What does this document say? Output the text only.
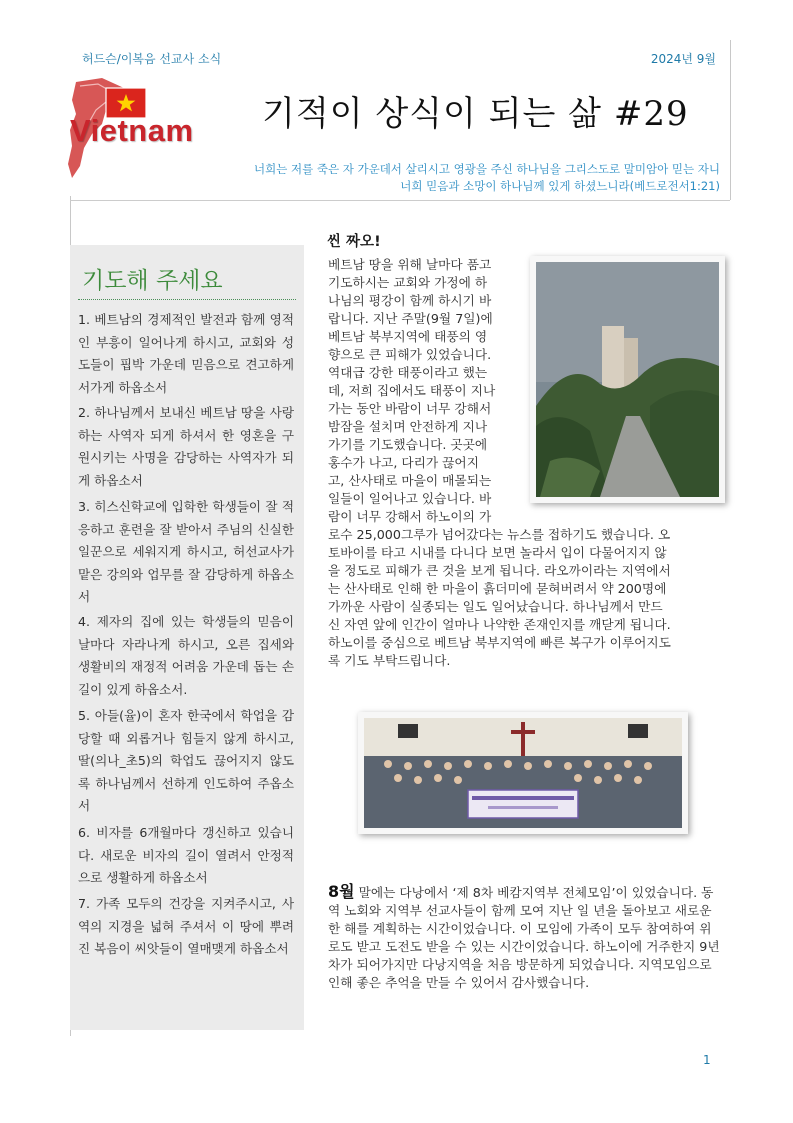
허드슨/이복음 선교사 소식	2024년 9월
Vietnam 기적이 상식이 되는 삶 #29
너희는 저를 죽은 자 가운데서 살리시고 영광을 주신 하나님을 그리스도로 말미암아 믿는 자니
너희 믿음과 소망이 하나님께 있게 하셨느니라(베드로전서1:21)
기도해 주세요
1. 베트남의 경제적인 발전과 함께 영적인 부흥이 일어나게 하시고, 교회와 성도들이 핍박 가운데 믿음으로 견고하게 서가게 하옵소서
2. 하나님께서 보내신 베트남 땅을 사랑하는 사역자 되게 하셔서 한 영혼을 구원시키는 사명을 감당하는 사역자가 되게 하옵소서
3. 히스신학교에 입학한 학생들이 잘 적응하고 훈련을 잘 받아서 주님의 신실한 일꾼으로 세워지게 하시고, 허선교사가 맡은 강의와 업무를 잘 감당하게 하옵소서
4. 제자의 집에 있는 학생들의 믿음이 날마다 자라나게 하시고, 오른 집세와 생활비의 재정적 어려움 가운데 돕는 손길이 있게 하옵소서.
5. 아들(율)이 혼자 한국에서 학업을 감당할 때 외롭거나 힘들지 않게 하시고, 딸(의나_초5)의 학업도 끊어지지 않도록 하나님께서 선하게 인도하여 주옵소서
6. 비자를 6개월마다 갱신하고 있습니다. 새로운 비자의 길이 열려서 안정적으로 생활하게 하옵소서
7. 가족 모두의 건강을 지켜주시고, 사역의 지경을 넓혀 주셔서 이 땅에 뿌려진 복음이 씨앗들이 열매맺게 하옵소서
씬 짜오!
베트남 땅을 위해 날마다 품고
기도하시는 교회와 가정에 하
나님의 평강이 함께 하시기 바
랍니다. 지난 주말(9월 7일)에
베트남 북부지역에 태풍의 영
향으로 큰 피해가 있었습니다.
역대급 강한 태풍이라고 했는
데, 저희 집에서도 태풍이 지나
가는 동안 바람이 너무 강해서
밤잠을 설치며 안전하게 지나
가기를 기도했습니다. 곳곳에
홍수가 나고, 다리가 끊어지
고, 산사태로 마을이 매몰되는
일들이 일어나고 있습니다. 바
람이 너무 강해서 하노이의 가
로수 25,000그루가 넘어갔다는 뉴스를 접하기도 했습니다. 오
토바이를 타고 시내를 다니다 보면 놀라서 입이 다물어지지 않
을 정도로 피해가 큰 것을 보게 됩니다. 라오까이라는 지역에서
는 산사태로 인해 한 마을이 흙더미에 묻혀버려서 약 200명에
가까운 사람이 실종되는 일도 일어났습니다. 하나님께서 만드
신 자연 앞에 인간이 얼마나 나약한 존재인지를 깨닫게 됩니다.
하노이를 중심으로 베트남 북부지역에 빠른 복구가 이루어지도
록 기도 부탁드립니다.
8월 말에는 다낭에서 ‘제 8차 베캄지역부 전체모임’이 있었습니다. 동역 노회와 지역부 선교사들이 함께 모여 지난 일 년을 돌아보고 새로운 한 해를 계획하는 시간이었습니다. 이 모임에 가족이 모두 참여하여 위로도 받고 도전도 받을 수 있는 시간이었습니다. 하노이에 거주한지 9년차가 되어가지만 다낭지역을 처음 방문하게 되었습니다. 지역모임으로 인해 좋은 추억을 만들 수 있어서 감사했습니다.
1
